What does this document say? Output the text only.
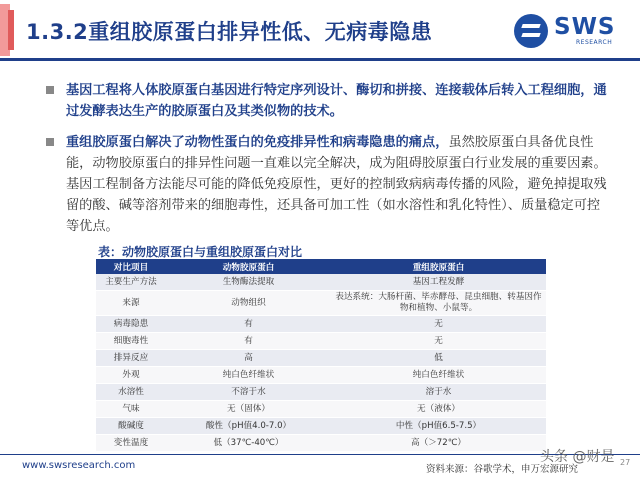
1.3.2重组胶原蛋白排异性低、无病毒隐患	SWS
RESEARCH
基因工程将人体胶原蛋白基因进行特定序列设计、酶切和拼接、连接载体后转入工程细胞，通过发酵表达生产的胶原蛋白及其类似物的技术。
重组胶原蛋白解决了动物性蛋白的免疫排异性和病毒隐患的痛点，虽然胶原蛋白具备优良性能，动物胶原蛋白的排异性问题一直难以完全解决，成为阻碍胶原蛋白行业发展的重要因素。基因工程制备方法能尽可能的降低免疫原性，更好的控制致病病毒传播的风险，避免掉提取残留的酸、碱等溶剂带来的细胞毒性，还具备可加工性（如水溶性和乳化特性）、质量稳定可控等优点。
表：动物胶原蛋白与重组胶原蛋白对比
对比项目	动物胶原蛋白	重组胶原蛋白
主要生产方法	生物酶法提取	基因工程发酵
来源	动物组织	表达系统：大肠杆菌、毕赤酵母、昆虫细胞、转基因作物和植物、小鼠等。
病毒隐患	有	无
细胞毒性	有	无
排异反应	高	低
外观	纯白色纤维状	纯白色纤维状
水溶性	不溶于水	溶于水
气味	无（固体）	无（液体）
酸碱度	酸性（pH值4.0-7.0）	中性（pH值6.5-7.5）
变性温度	低（37℃-40℃）	高（＞72℃）
www.swsresearch.com	资料来源：谷歌学术，申万宏源研究
头条 @财是 27
